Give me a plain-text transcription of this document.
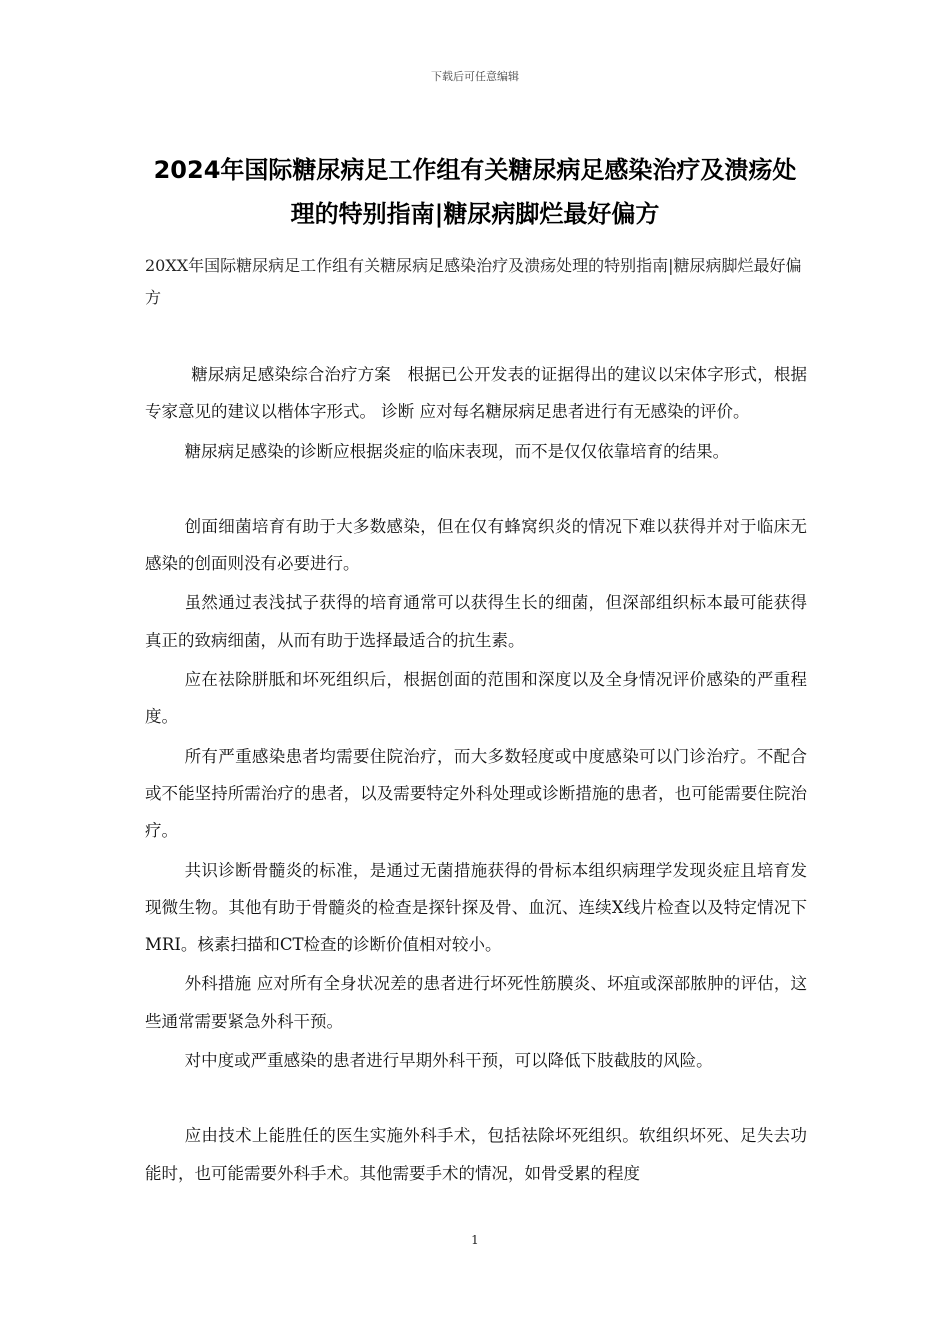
下载后可任意编辑
2024年国际糖尿病足工作组有关糖尿病足感染治疗及溃疡处理的特别指南|糖尿病脚烂最好偏方

20XX年国际糖尿病足工作组有关糖尿病足感染治疗及溃疡处理的特别指南|糖尿病脚烂最好偏方

糖尿病足感染综合治疗方案　根据已公开发表的证据得出的建议以宋体字形式，根据专家意见的建议以楷体字形式。 诊断 应对每名糖尿病足患者进行有无感染的评价。

糖尿病足感染的诊断应根据炎症的临床表现，而不是仅仅依靠培育的结果。

创面细菌培育有助于大多数感染，但在仅有蜂窝织炎的情况下难以获得并对于临床无感染的创面则没有必要进行。

虽然通过表浅拭子获得的培育通常可以获得生长的细菌，但深部组织标本最可能获得真正的致病细菌，从而有助于选择最适合的抗生素。

应在祛除胼胝和坏死组织后，根据创面的范围和深度以及全身情况评价感染的严重程度。

所有严重感染患者均需要住院治疗，而大多数轻度或中度感染可以门诊治疗。不配合或不能坚持所需治疗的患者，以及需要特定外科处理或诊断措施的患者，也可能需要住院治疗。

共识诊断骨髓炎的标准，是通过无菌措施获得的骨标本组织病理学发现炎症且培育发现微生物。其他有助于骨髓炎的检查是探针探及骨、血沉、连续X线片检查以及特定情况下MRI。核素扫描和CT检查的诊断价值相对较小。

外科措施 应对所有全身状况差的患者进行坏死性筋膜炎、坏疽或深部脓肿的评估，这些通常需要紧急外科干预。

对中度或严重感染的患者进行早期外科干预，可以降低下肢截肢的风险。

应由技术上能胜任的医生实施外科手术，包括祛除坏死组织。软组织坏死、足失去功能时，也可能需要外科手术。其他需要手术的情况，如骨受累的程度

1
